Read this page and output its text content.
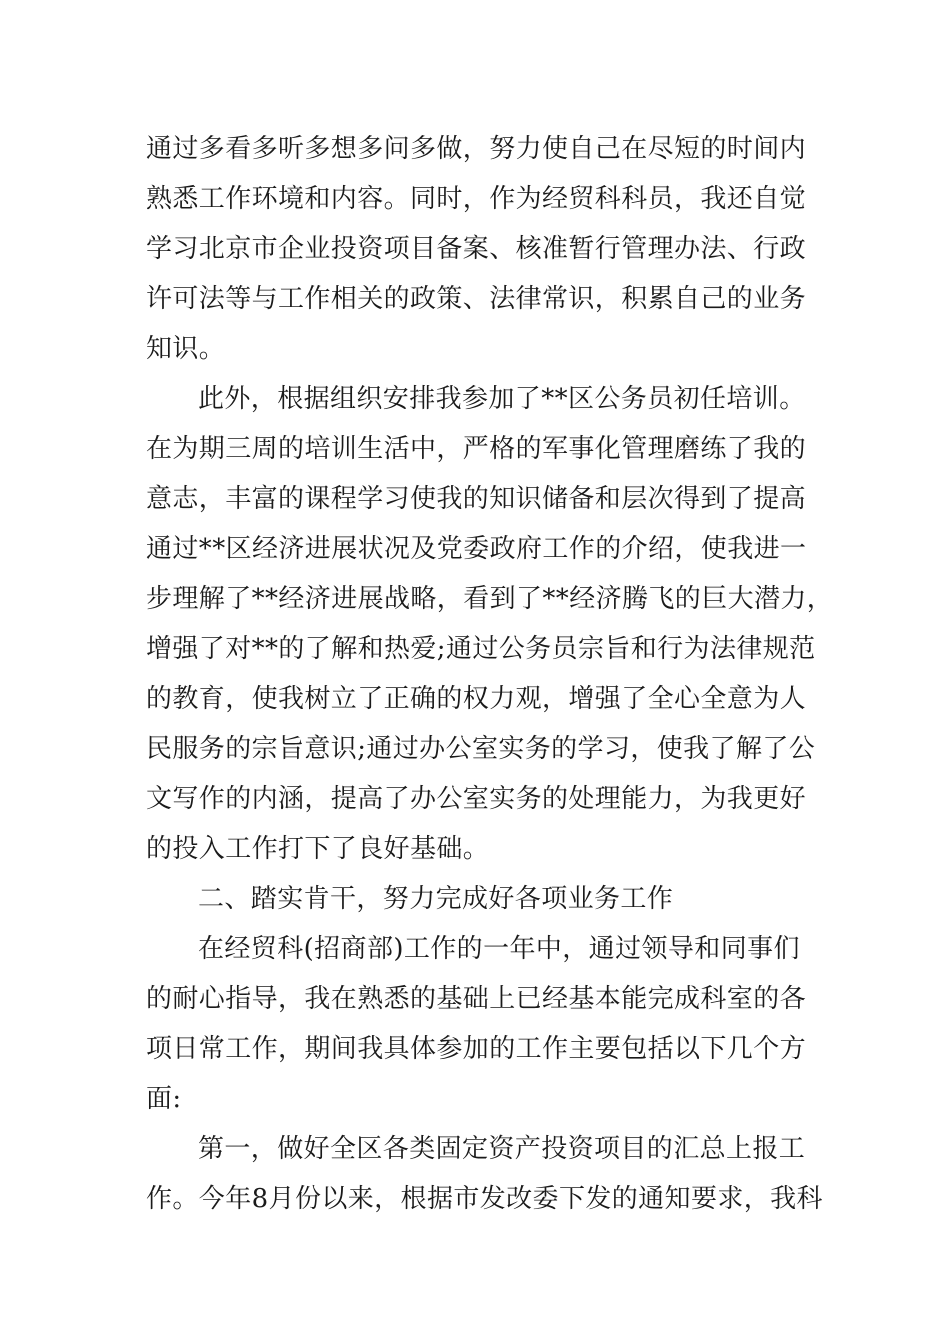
通过多看多听多想多问多做，努力使自己在尽短的时间内
熟悉工作环境和内容。同时，作为经贸科科员，我还自觉
学习北京市企业投资项目备案、核准暂行管理办法、行政
许可法等与工作相关的政策、法律常识，积累自己的业务
知识。
此外，根据组织安排我参加了**区公务员初任培训。
在为期三周的培训生活中，严格的军事化管理磨练了我的
意志，丰富的课程学习使我的知识储备和层次得到了提高
通过**区经济进展状况及党委政府工作的介绍，使我进一
步理解了**经济进展战略，看到了**经济腾飞的巨大潜力，
增强了对**的了解和热爱;通过公务员宗旨和行为法律规范
的教育，使我树立了正确的权力观，增强了全心全意为人
民服务的宗旨意识;通过办公室实务的学习，使我了解了公
文写作的内涵，提高了办公室实务的处理能力，为我更好
的投入工作打下了良好基础。
二、踏实肯干，努力完成好各项业务工作
在经贸科(招商部)工作的一年中，通过领导和同事们
的耐心指导，我在熟悉的基础上已经基本能完成科室的各
项日常工作，期间我具体参加的工作主要包括以下几个方
面:
第一，做好全区各类固定资产投资项目的汇总上报工
作。今年8月份以来，根据市发改委下发的通知要求，我科
